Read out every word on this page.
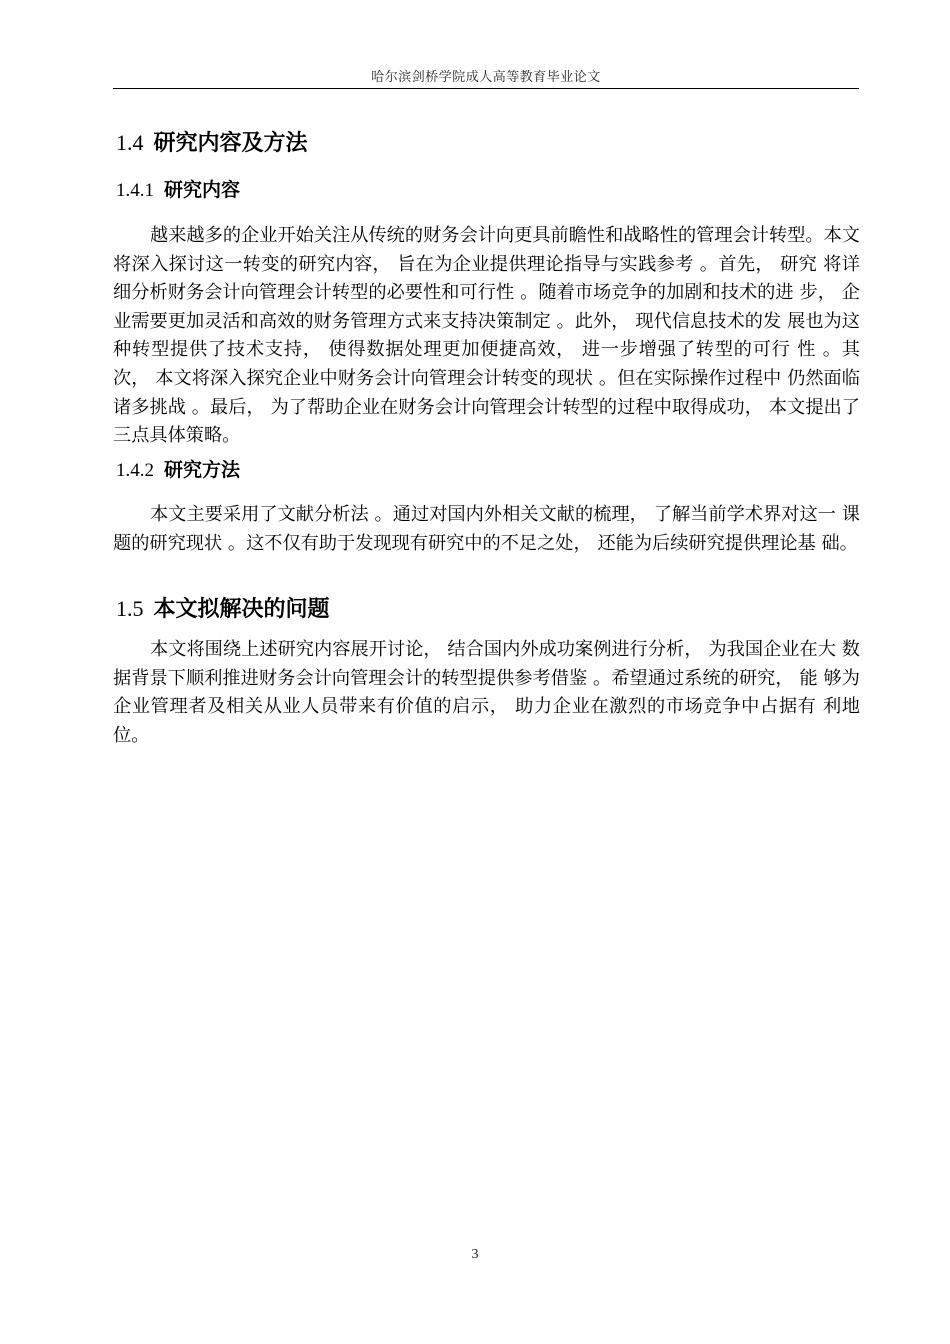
哈尔滨剑桥学院成人高等教育毕业论文
1.4 研究内容及方法
1.4.1 研究内容

越来越多的企业开始关注从传统的财务会计向更具前瞻性和战略性的管理会计转型。本文将深入探讨这一转变的研究内容， 旨在为企业提供理论指导与实践参考 。首先， 研究 将详细分析财务会计向管理会计转型的必要性和可行性 。随着市场竞争的加剧和技术的进 步， 企业需要更加灵活和高效的财务管理方式来支持决策制定 。此外， 现代信息技术的发 展也为这种转型提供了技术支持， 使得数据处理更加便捷高效， 进一步增强了转型的可行 性 。其次， 本文将深入探究企业中财务会计向管理会计转变的现状 。但在实际操作过程中 仍然面临诸多挑战 。最后， 为了帮助企业在财务会计向管理会计转型的过程中取得成功， 本文提出了三点具体策略。

1.4.2 研究方法

本文主要采用了文献分析法 。通过对国内外相关文献的梳理， 了解当前学术界对这一 课题的研究现状 。这不仅有助于发现现有研究中的不足之处， 还能为后续研究提供理论基 础。

1.5 本文拟解决的问题

本文将围绕上述研究内容展开讨论， 结合国内外成功案例进行分析， 为我国企业在大 数据背景下顺利推进财务会计向管理会计的转型提供参考借鉴 。希望通过系统的研究， 能 够为企业管理者及相关从业人员带来有价值的启示， 助力企业在激烈的市场竞争中占据有 利地位。

3
